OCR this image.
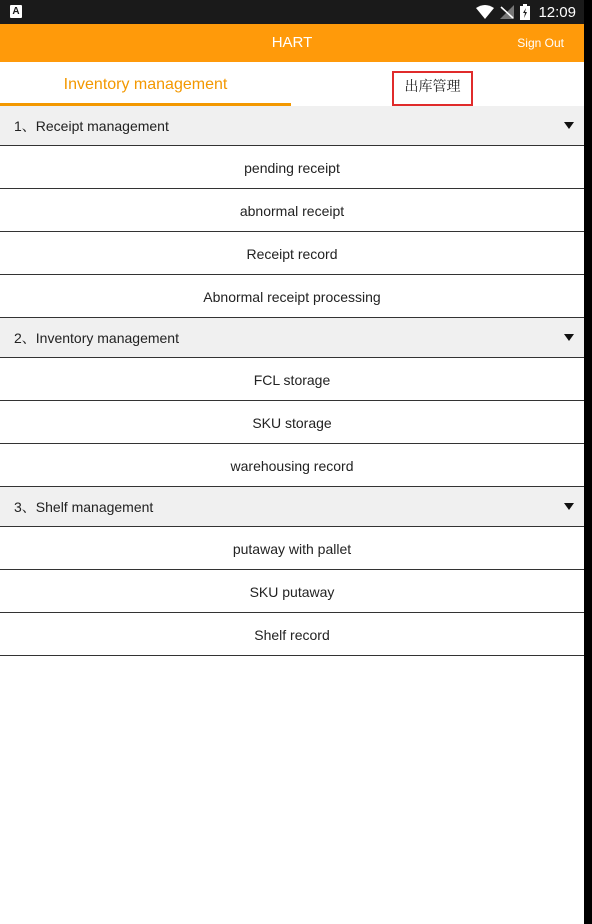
A	12:09
HART	Sign Out
Inventory management	出库管理
1、Receipt management
pending receipt
abnormal receipt
Receipt record
Abnormal receipt processing
2、Inventory management
FCL storage
SKU storage
warehousing record
3、Shelf management
putaway with pallet
SKU putaway
Shelf record
